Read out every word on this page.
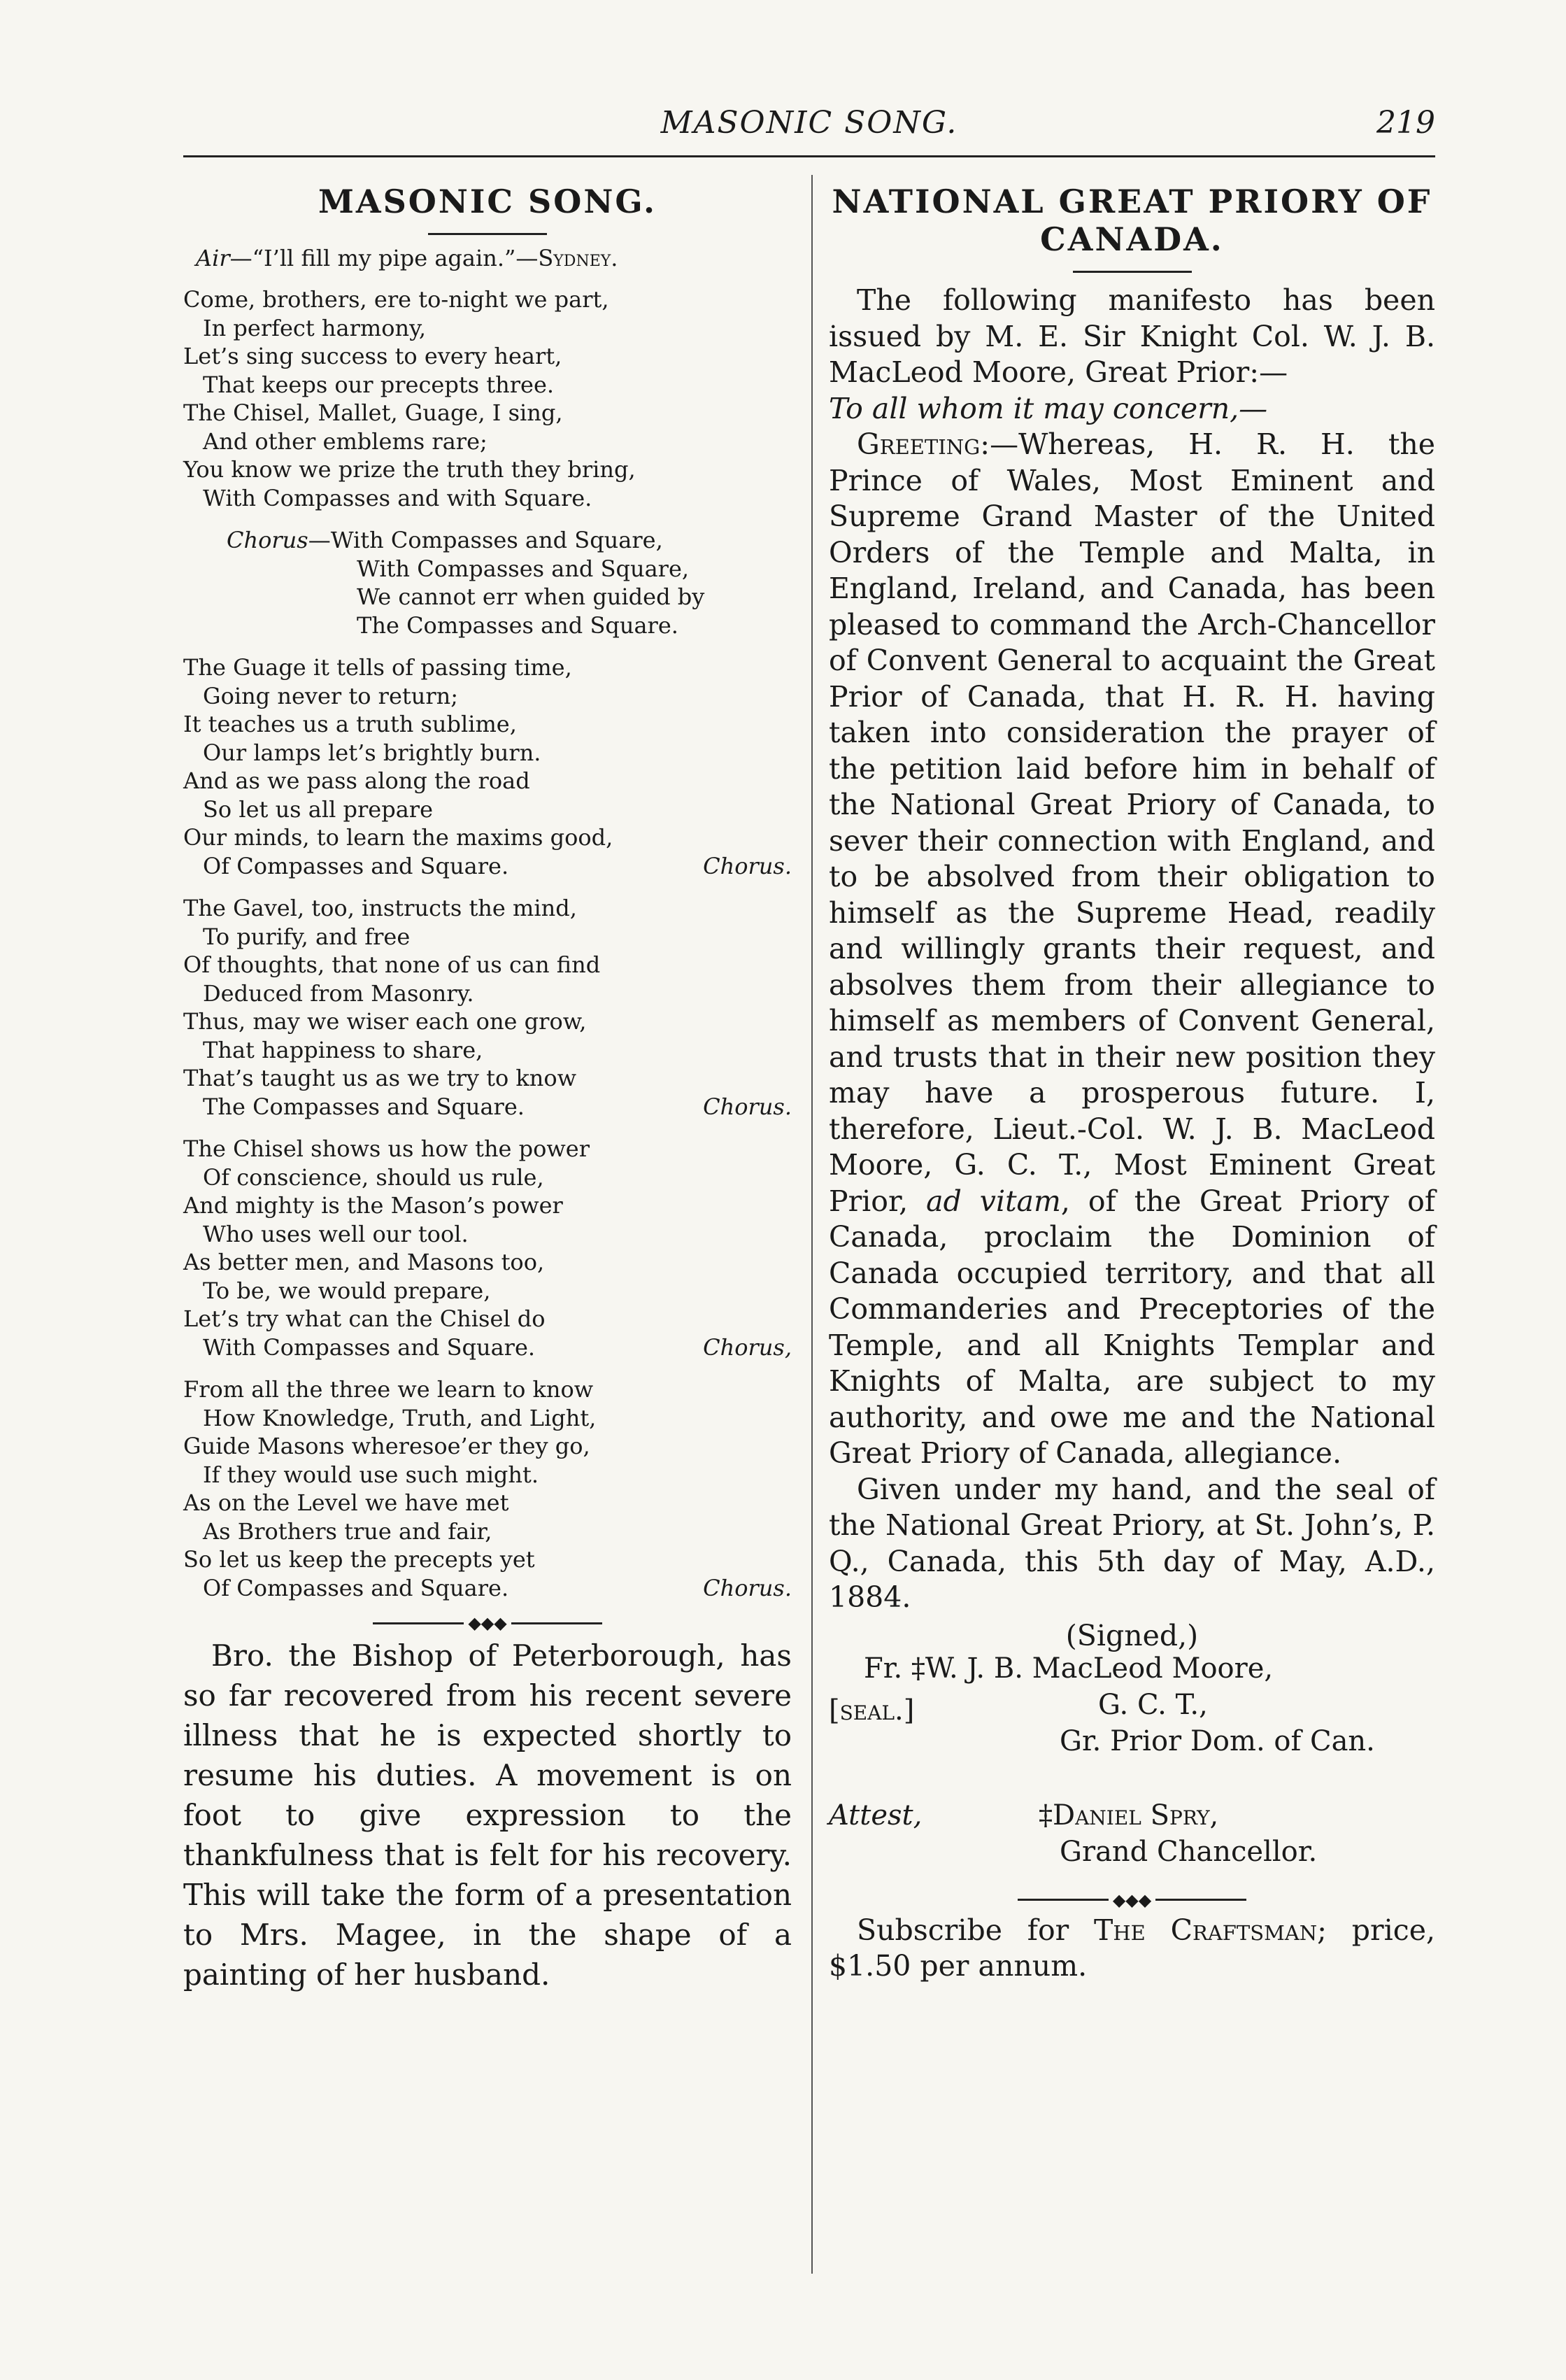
MASONIC SONG.	219
MASONIC SONG.
Air—“I’ll fill my pipe again.”—Sydney.
Come, brothers, ere to-night we part,
In perfect harmony,
Let’s sing success to every heart,
That keeps our precepts three.
The Chisel, Mallet, Guage, I sing,
And other emblems rare;
You know we prize the truth they bring,
With Compasses and with Square.
Chorus—With Compasses and Square,
With Compasses and Square,
We cannot err when guided by
The Compasses and Square.
The Guage it tells of passing time,
Going never to return;
It teaches us a truth sublime,
Our lamps let’s brightly burn.
And as we pass along the road
So let us all prepare
Our minds, to learn the maxims good,
Of Compasses and Square.	Chorus.
The Gavel, too, instructs the mind,
To purify, and free
Of thoughts, that none of us can find
Deduced from Masonry.
Thus, may we wiser each one grow,
That happiness to share,
That’s taught us as we try to know
The Compasses and Square.	Chorus.
The Chisel shows us how the power
Of conscience, should us rule,
And mighty is the Mason’s power
Who uses well our tool.
As better men, and Masons too,
To be, we would prepare,
Let’s try what can the Chisel do
With Compasses and Square.	Chorus,
From all the three we learn to know
How Knowledge, Truth, and Light,
Guide Masons wheresoe’er they go,
If they would use such might.
As on the Level we have met
As Brothers true and fair,
So let us keep the precepts yet
Of Compasses and Square.	Chorus.
◆◆◆

Bro. the Bishop of Peterborough, has so far recovered from his recent severe illness that he is expected shortly to resume his duties. A movement is on foot to give expression to the thankfulness that is felt for his recovery. This will take the form of a presentation to Mrs. Magee, in the shape of a painting of her husband.

NATIONAL GREAT PRIORY OF CANADA.

The following manifesto has been issued by M. E. Sir Knight Col. W. J. B. MacLeod Moore, Great Prior:—

To all whom it may concern,—

Greeting:—Whereas, H. R. H. the Prince of Wales, Most Eminent and Supreme Grand Master of the United Orders of the Temple and Malta, in England, Ireland, and Canada, has been pleased to command the Arch-Chancellor of Convent General to acquaint the Great Prior of Canada, that H. R. H. having taken into consideration the prayer of the petition laid before him in behalf of the National Great Priory of Canada, to sever their connection with England, and to be absolved from their obligation to himself as the Supreme Head, readily and willingly grants their request, and absolves them from their allegiance to himself as members of Convent General, and trusts that in their new position they may have a prosperous future. I, therefore, Lieut.-Col. W. J. B. MacLeod Moore, G. C. T., Most Eminent Great Prior, ad vitam, of the Great Priory of Canada, proclaim the Dominion of Canada occupied territory, and that all Commanderies and Preceptories of the Temple, and all Knights Templar and Knights of Malta, are subject to my authority, and owe me and the National Great Priory of Canada, allegiance.

Given under my hand, and the seal of the National Great Priory, at St. John’s, P. Q., Canada, this 5th day of May, A.D., 1884.

(Signed,)
Fr. ‡W. J. B. MacLeod Moore,
[seal.]	G. C. T.,
Gr. Prior Dom. of Can.
Attest,	‡Daniel Spry,
Grand Chancellor.
◆◆◆

Subscribe for The Craftsman; price, $1.50 per annum.
